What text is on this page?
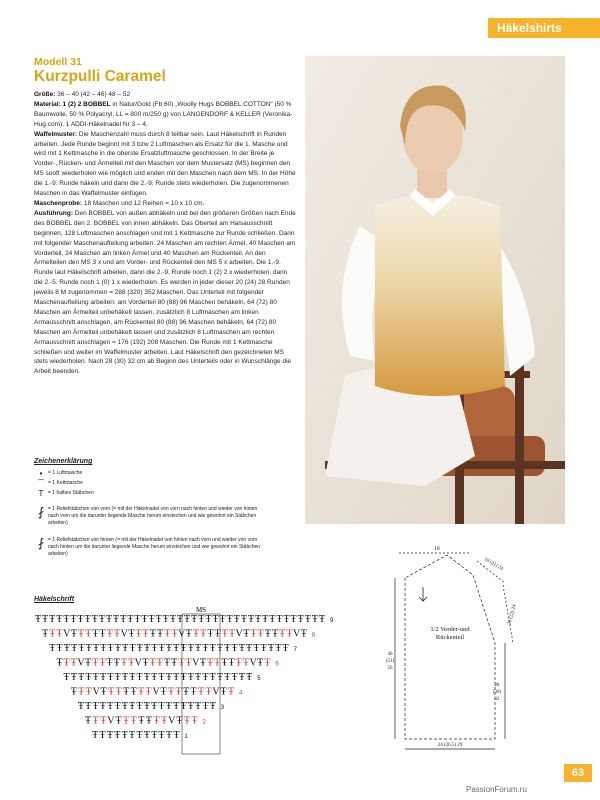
Häkelshirts
Modell 31
Kurzpulli Caramel

Größe: 36 – 40 (42 – 46) 48 – 52

Material: 1 (2) 2 BOBBEL in Natur/Gold (Fb 60) „Woolly Hugs BOBBEL COTTON“ (50 % Baumwolle, 50 % Polyacryl, LL = 800 m/250 g) von LANGENDORF & KELLER (Veronika-Hug.com). 1 ADDI-Häkelnadel Nr 3 – 4.

Waffelmuster: Die Maschenzahl muss durch 8 teilbar sein. Laut Häkelschrift in Runden arbeiten. Jede Runde beginnt mit 3 bzw 2 Luftmaschen als Ersatz für die 1. Masche und wird mit 1 Kettmasche in die oberste Ersatzluftmasche geschlossen. In der Breite je Vorder-, Rücken- und Ärmelteil mit den Maschen vor dem Mustersatz (MS) beginnen den MS sooft wiederholen wie möglich und enden mit den Maschen nach dem MS. In der Höhe die 1.-9. Runde häkeln und dann die 2.-9. Runde stets wiederholen. Die zugenommenen Maschen in das Waffelmuster einfügen.

Maschenprobe: 18 Maschen und 12 Reihen = 10 x 10 cm.

Ausführung: Den BOBBEL von außen abhäkeln und bei den größeren Größen nach Ende des BOBBEL den 2. BOBBEL von innen abhäkeln. Das Oberteil am Halsausschnitt beginnen, 128 Luftmaschen anschlagen und mit 1 Kettmasche zur Runde schließen. Dann mit folgender Maschenaufteilung arbeiten: 24 Maschen am rechten Ärmel, 40 Maschen am Vorderteil, 24 Maschen am linken Ärmel und 40 Maschen am Rückenteil. An den Ärmelteilen den MS 3 x und am Vorder- und Rückenteil den MS 5 x arbeiten. Die 1.-9. Runde laut Häkelschrift arbeiten, dann die 2.-9. Runde noch 1 (2) 2 x wiederholen, dann die 2.-5. Runde noch 1 (0) 1 x wiederholen. Es werden in jeder dieser 20 (24) 28 Runden jeweils 8 M zugenommen = 288 (320) 352 Maschen. Das Unterteil mit folgender Maschenaufteilung arbeiten: am Vorderteil 80 (88) 96 Maschen behäkeln, 64 (72) 80 Maschen am Ärmelteil unbehäkelt lassen, zusätzlich 8 Luftmaschen am linken Armausschnitt anschlagen, am Rückenteil 80 (88) 96 Maschen behäkeln, 64 (72) 80 Maschen am Ärmelteil unbehäkelt lassen und zusätzlich 8 Luftmaschen am rechten Armausschnitt anschlagen = 176 (192) 208 Maschen. Die Runde mit 1 Kettmasche schließen und weiter im Waffelmuster arbeiten. Laut Häkelschrift den gezeichneten MS stets wiederholen. Nach 28 (30) 32 cm ab Beginn des Unterteils oder in Wunschlänge die Arbeit beenden.

Zeichenerklärung
•	= 1 Luftmasche
⌒ = 1 Kettmasche
T = 1 halbes Stäbchen
⨏ = 1 Reliefstäbchen von vorn (= mit der Häkelnadel von vorn nach hinten und wieder von hinten nach vorn um die darunter liegende Masche herum einstechen und wie gewohnt ein Stäbchen arbeiten)
⨏ = 1 Reliefstäbchen von hinten (= mit der Häkelnadel von hinten nach vorn und wieder von vorn nach hinten um die darunter liegende Masche herum einstechen und wie gewohnt ein Stäbchen arbeiten)
Häkelschrift
MS
Ŧ Ŧ Ŧ Ŧ Ŧ Ŧ Ŧ Ŧ Ŧ Ŧ Ŧ Ŧ Ŧ Ŧ Ŧ Ŧ Ŧ Ŧ Ŧ Ŧ Ŧ Ŧ Ŧ Ŧ Ŧ Ŧ Ŧ Ŧ Ŧ Ŧ Ŧ Ŧ Ŧ Ŧ Ŧ Ŧ Ŧ Ŧ Ŧ Ŧ Ŧ 9
Ŧ Ŧ Ŧ V Ŧ Ŧ Ŧ Ŧ Ŧ Ŧ Ŧ V Ŧ Ŧ Ŧ Ŧ Ŧ Ŧ Ŧ V Ŧ Ŧ Ŧ Ŧ Ŧ Ŧ Ŧ V Ŧ Ŧ Ŧ Ŧ Ŧ Ŧ Ŧ V Ŧ 8
Ŧ Ŧ Ŧ Ŧ Ŧ Ŧ Ŧ Ŧ Ŧ Ŧ Ŧ Ŧ Ŧ Ŧ Ŧ Ŧ Ŧ Ŧ Ŧ Ŧ Ŧ Ŧ Ŧ Ŧ Ŧ Ŧ Ŧ Ŧ Ŧ Ŧ Ŧ Ŧ Ŧ 7
Ŧ Ŧ Ŧ V Ŧ Ŧ Ŧ Ŧ Ŧ Ŧ Ŧ V Ŧ Ŧ Ŧ Ŧ Ŧ Ŧ Ŧ V Ŧ Ŧ Ŧ Ŧ Ŧ Ŧ Ŧ V Ŧ Ŧ 6
Ŧ Ŧ Ŧ Ŧ Ŧ Ŧ Ŧ Ŧ Ŧ Ŧ Ŧ Ŧ Ŧ Ŧ Ŧ Ŧ Ŧ Ŧ Ŧ Ŧ Ŧ Ŧ Ŧ Ŧ Ŧ Ŧ 5
Ŧ Ŧ Ŧ V Ŧ Ŧ Ŧ Ŧ Ŧ Ŧ Ŧ V Ŧ Ŧ Ŧ Ŧ Ŧ Ŧ Ŧ V Ŧ Ŧ 4
Ŧ Ŧ Ŧ Ŧ Ŧ Ŧ Ŧ Ŧ Ŧ Ŧ Ŧ Ŧ Ŧ Ŧ Ŧ Ŧ Ŧ Ŧ Ŧ 3
Ŧ Ŧ Ŧ V Ŧ Ŧ Ŧ Ŧ Ŧ Ŧ Ŧ V Ŧ Ŧ Ŧ 2
Ŧ Ŧ Ŧ Ŧ Ŧ Ŧ Ŧ Ŧ Ŧ Ŧ Ŧ Ŧ 1
18
18 (21) 24
20 (22) 24
1/2 Vorder-und
Rückenteil
46
(51)
56
28
(30)
32
24 (26,5) 29
63
PassionForum.ru
